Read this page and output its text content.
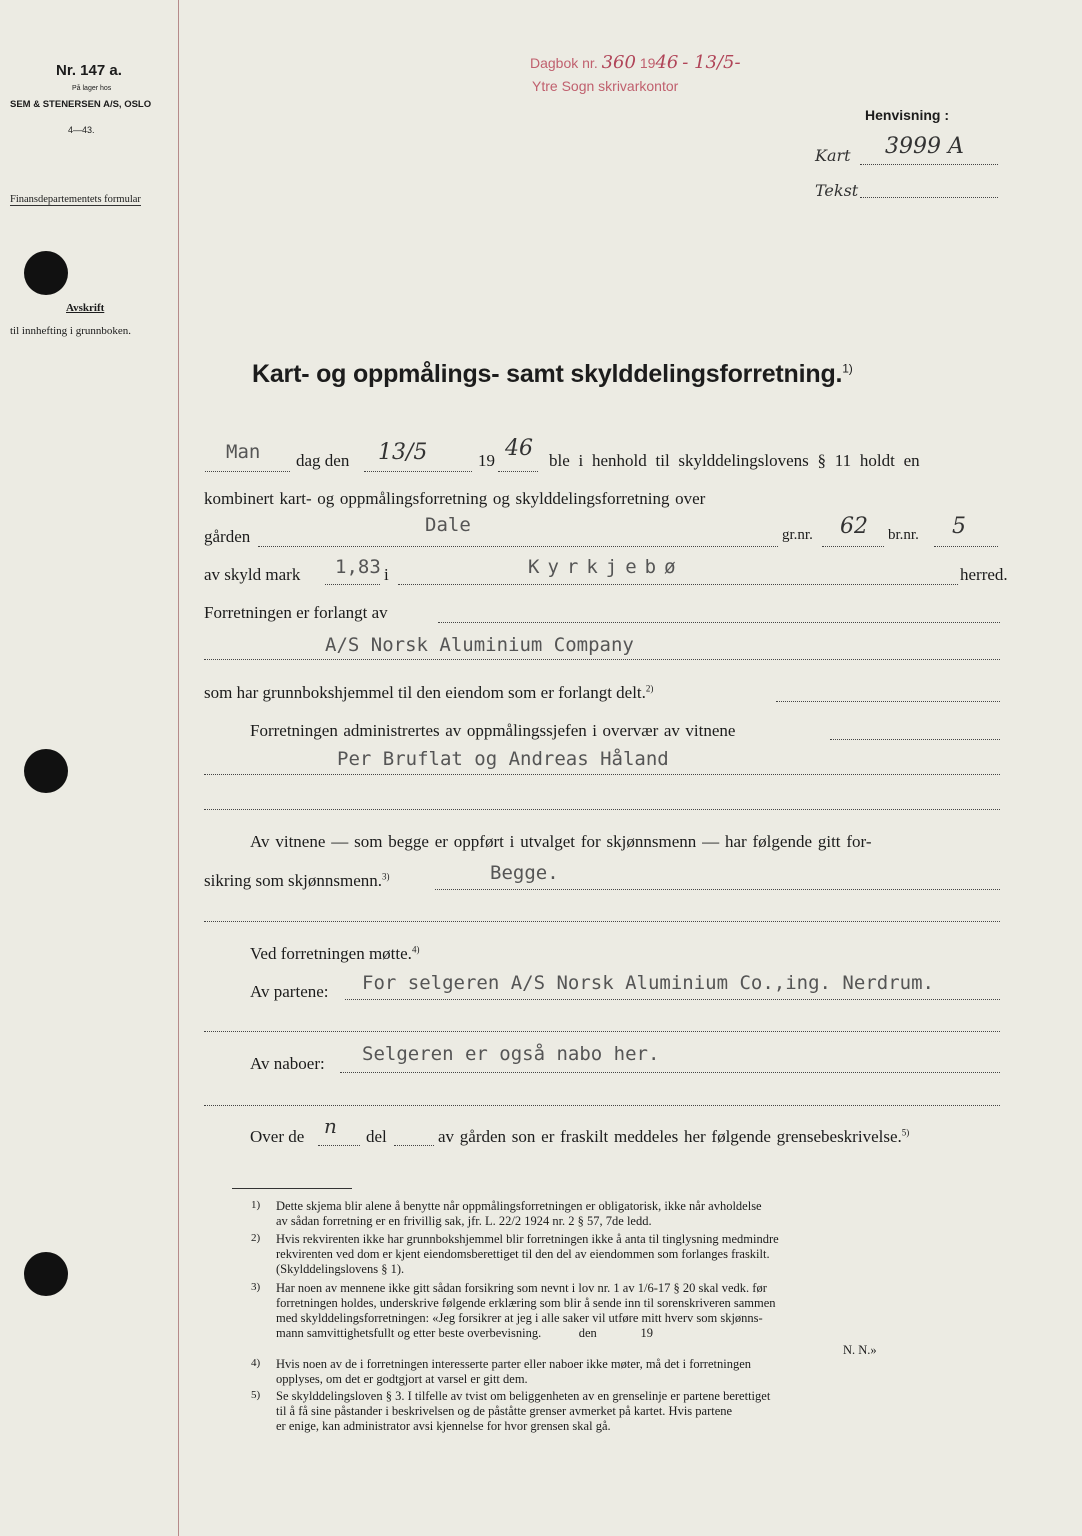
Nr. 147 a.
På lager hos
SEM & STENERSEN A/S, OSLO
4—43.
Finansdepartementets formular
Avskrift
til innhefting i grunnboken.
Dagbok nr. 360 1946 - 13/5-
Ytre Sogn skrivarkontor
Henvisning :
Kart 3999 A
Tekst
Kart- og oppmålings- samt skylddelingsforretning.$^{1)}$
Man dag den 13/5	19 46 ble i henhold til skylddelingslovens § 11 holdt en
kombinert kart- og oppmålingsforretning og skylddelingsforretning over
gården
Dale	gr.nr. 62 br.nr. 5
av skyld mark 1,83 i	Kyrkjebø	herred.
Forretningen er forlangt av
A/S Norsk Aluminium Company
som har grunnbokshjemmel til den eiendom som er forlangt delt.$^{2)}$
Forretningen administrertes av oppmålingssjefen i overvær av vitnene
Per Bruflat og Andreas Håland
Av vitnene — som begge er oppført i utvalget for skjønnsmenn — har følgende gitt for-
sikring som skjønnsmenn.$^{3)}$	Begge.
Ved forretningen møtte.$^{4)}$
Av partene: For selgeren A/S Norsk Aluminium Co.,ing. Nerdrum.
Av naboer: Selgeren er også nabo her.
Over de n del	av gården son er fraskilt meddeles her følgende grensebeskrivelse.$^{5)}$
1) Dette skjema blir alene å benytte når oppmålingsforretningen er obligatorisk, ikke når avholdelse
av sådan forretning er en frivillig sak, jfr. L. 22/2 1924 nr. 2 § 57, 7de ledd.
2) Hvis rekvirenten ikke har grunnbokshjemmel blir forretningen ikke å anta til tinglysning medmindre
rekvirenten ved dom er kjent eiendomsberettiget til den del av eiendommen som forlanges fraskilt.
(Skylddelingslovens § 1).
3) Har noen av mennene ikke gitt sådan forsikring som nevnt i lov nr. 1 av 1/6-17 § 20 skal vedk. før
forretningen holdes, underskrive følgende erklæring som blir å sende inn til sorenskriveren sammen
med skylddelingsforretningen: «Jeg forsikrer at jeg i alle saker vil utføre mitt hverv som skjønns-
mann samvittighetsfullt og etter beste overbevisning.            den              19
N. N.»
4) Hvis noen av de i forretningen interesserte parter eller naboer ikke møter, må det i forretningen
opplyses, om det er godtgjort at varsel er gitt dem.
5) Se skylddelingsloven § 3. I tilfelle av tvist om beliggenheten av en grenselinje er partene berettiget
til å få sine påstander i beskrivelsen og de påståtte grenser avmerket på kartet. Hvis partene
er enige, kan administrator avsi kjennelse for hvor grensen skal gå.
